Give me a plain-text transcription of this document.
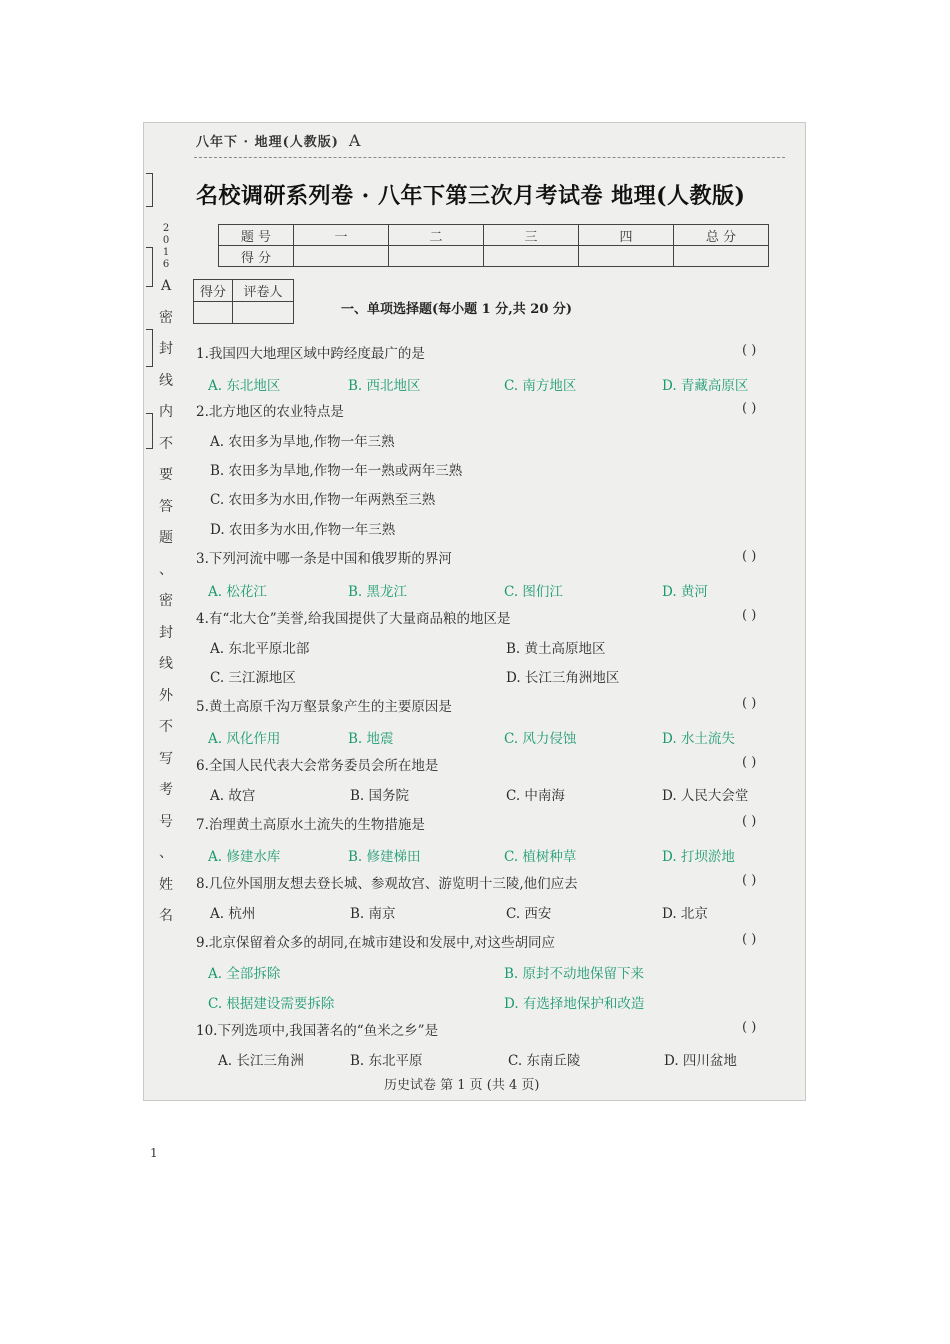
八年下 · 地理(人教版) A
2
0
1
6
A
密
封
线
内
不
要
答
题
、
密
封
线
外
不
写
考
号
、
姓
名
名校调研系列卷 · 八年下第三次月考试卷 地理(人教版)
题 号	一	二	三	四	总 分
得 分					
得分	评卷人

一、单项选择题(每小题 1 分,共 20 分)
1.我国四大地理区域中跨经度最广的是	( )
A. 东北地区	B. 西北地区	C. 南方地区	D. 青藏高原区
2.北方地区的农业特点是	( )
A. 农田多为旱地,作物一年三熟
B. 农田多为旱地,作物一年一熟或两年三熟
C. 农田多为水田,作物一年两熟至三熟
D. 农田多为水田,作物一年三熟
3.下列河流中哪一条是中国和俄罗斯的界河	( )
A. 松花江	B. 黑龙江	C. 图们江	D. 黄河
4.有“北大仓”美誉,给我国提供了大量商品粮的地区是	( )
A. 东北平原北部	B. 黄土高原地区
C. 三江源地区	D. 长江三角洲地区
5.黄土高原千沟万壑景象产生的主要原因是	( )
A. 风化作用	B. 地震	C. 风力侵蚀	D. 水土流失
6.全国人民代表大会常务委员会所在地是	( )
A. 故宫	B. 国务院	C. 中南海	D. 人民大会堂
7.治理黄土高原水土流失的生物措施是	( )
A. 修建水库	B. 修建梯田	C. 植树种草	D. 打坝淤地
8.几位外国朋友想去登长城、参观故宫、游览明十三陵,他们应去	( )
A. 杭州	B. 南京	C. 西安	D. 北京
9.北京保留着众多的胡同,在城市建设和发展中,对这些胡同应	( )
A. 全部拆除	B. 原封不动地保留下来
C. 根据建设需要拆除	D. 有选择地保护和改造
10.下列选项中,我国著名的“鱼米之乡”是	( )
A. 长江三角洲	B. 东北平原	C. 东南丘陵	D. 四川盆地
历史试卷 第 1 页 (共 4 页)
1
